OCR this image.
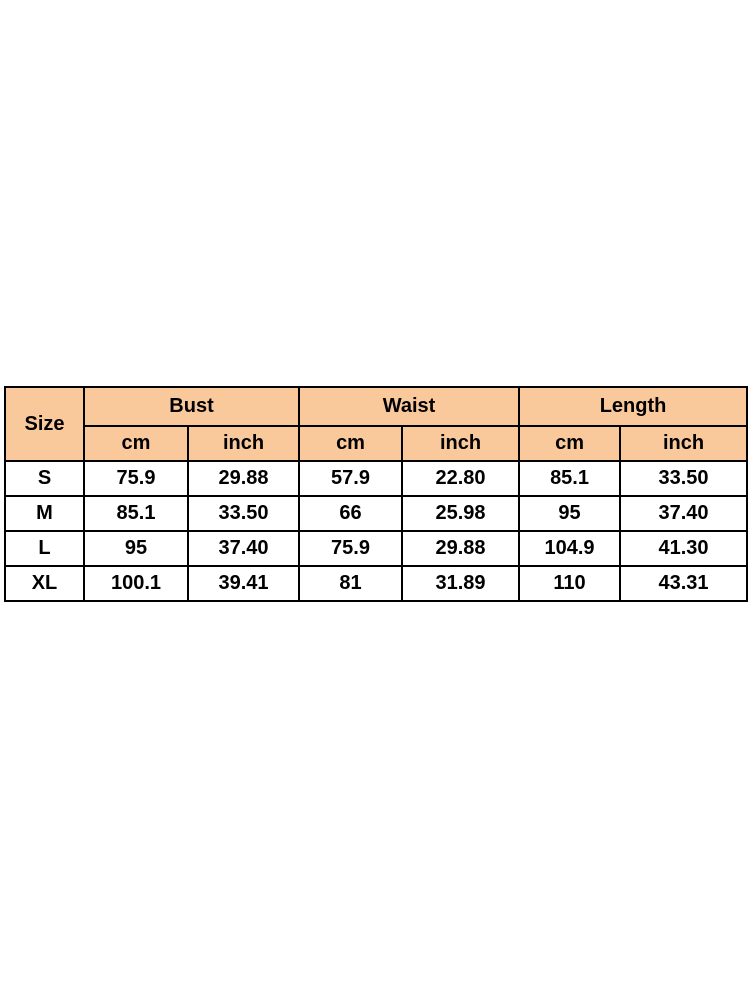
Size	Bust		Waist		Length	
	cm	inch	cm	inch	cm	inch
S	75.9	29.88	57.9	22.80	85.1	33.50
M	85.1	33.50	66	25.98	95	37.40
L	95	37.40	75.9	29.88	104.9	41.30
XL	100.1	39.41	81	31.89	110	43.31
